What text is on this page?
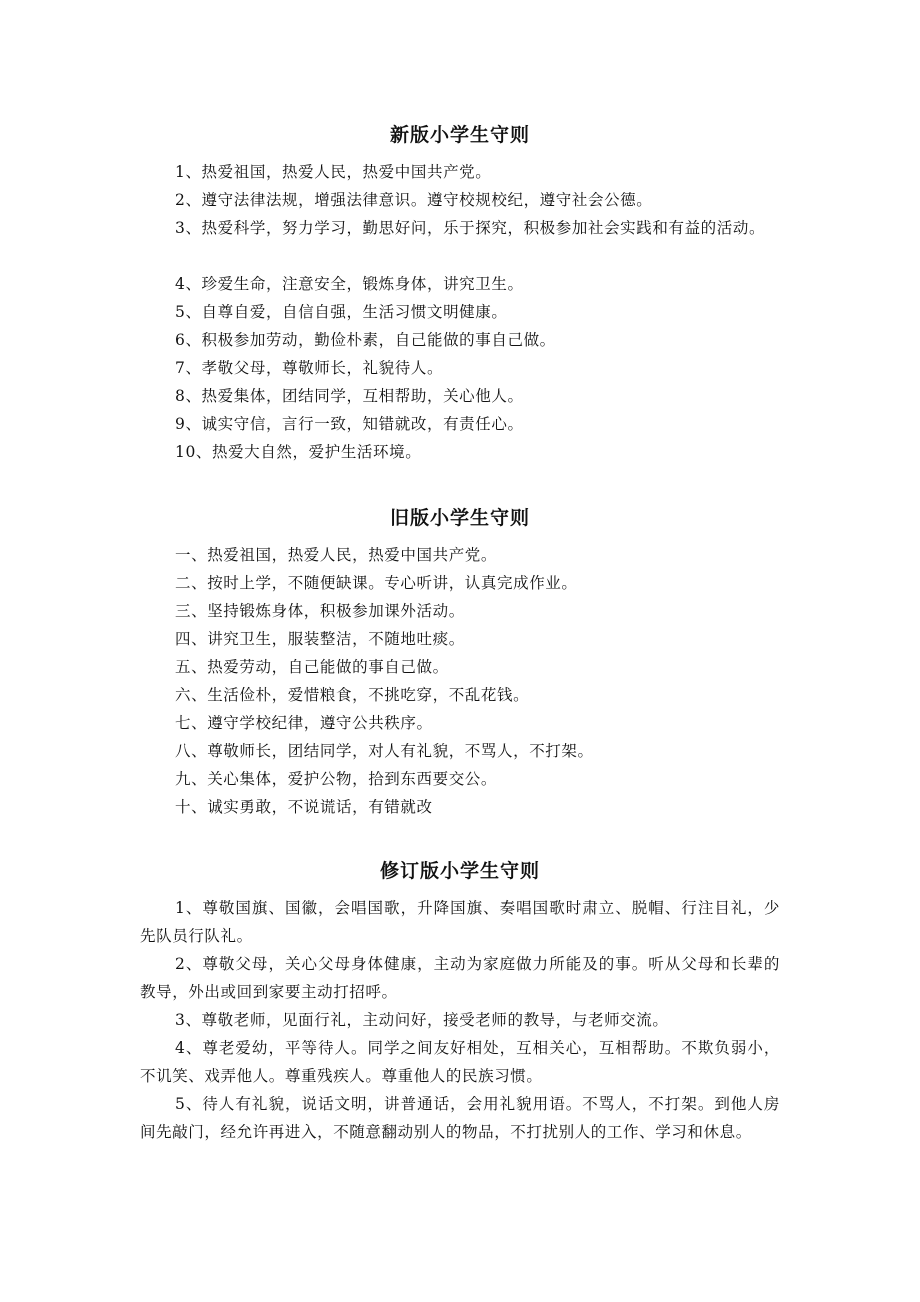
新版小学生守则
1、热爱祖国，热爱人民，热爱中国共产党。
2、遵守法律法规，增强法律意识。遵守校规校纪，遵守社会公德。
3、热爱科学，努力学习，勤思好问，乐于探究，积极参加社会实践和有益的活动。
4、珍爱生命，注意安全，锻炼身体，讲究卫生。
5、自尊自爱，自信自强，生活习惯文明健康。
6、积极参加劳动，勤俭朴素，自己能做的事自己做。
7、孝敬父母，尊敬师长，礼貌待人。
8、热爱集体，团结同学，互相帮助，关心他人。
9、诚实守信，言行一致，知错就改，有责任心。
10、热爱大自然，爱护生活环境。
旧版小学生守则
一、热爱祖国，热爱人民，热爱中国共产党。
二、按时上学，不随便缺课。专心听讲，认真完成作业。
三、坚持锻炼身体，积极参加课外活动。
四、讲究卫生，服装整洁，不随地吐痰。
五、热爱劳动，自己能做的事自己做。
六、生活俭朴，爱惜粮食，不挑吃穿，不乱花钱。
七、遵守学校纪律，遵守公共秩序。
八、尊敬师长，团结同学，对人有礼貌，不骂人，不打架。
九、关心集体，爱护公物，拾到东西要交公。
十、诚实勇敢，不说谎话，有错就改
修订版小学生守则
1、尊敬国旗、国徽，会唱国歌，升降国旗、奏唱国歌时肃立、脱帽、行注目礼，少先队员行队礼。
2、尊敬父母，关心父母身体健康，主动为家庭做力所能及的事。听从父母和长辈的教导，外出或回到家要主动打招呼。
3、尊敬老师，见面行礼，主动问好，接受老师的教导，与老师交流。
4、尊老爱幼，平等待人。同学之间友好相处，互相关心，互相帮助。不欺负弱小，不讥笑、戏弄他人。尊重残疾人。尊重他人的民族习惯。
5、待人有礼貌，说话文明，讲普通话，会用礼貌用语。不骂人，不打架。到他人房间先敲门，经允许再进入，不随意翻动别人的物品，不打扰别人的工作、学习和休息。
